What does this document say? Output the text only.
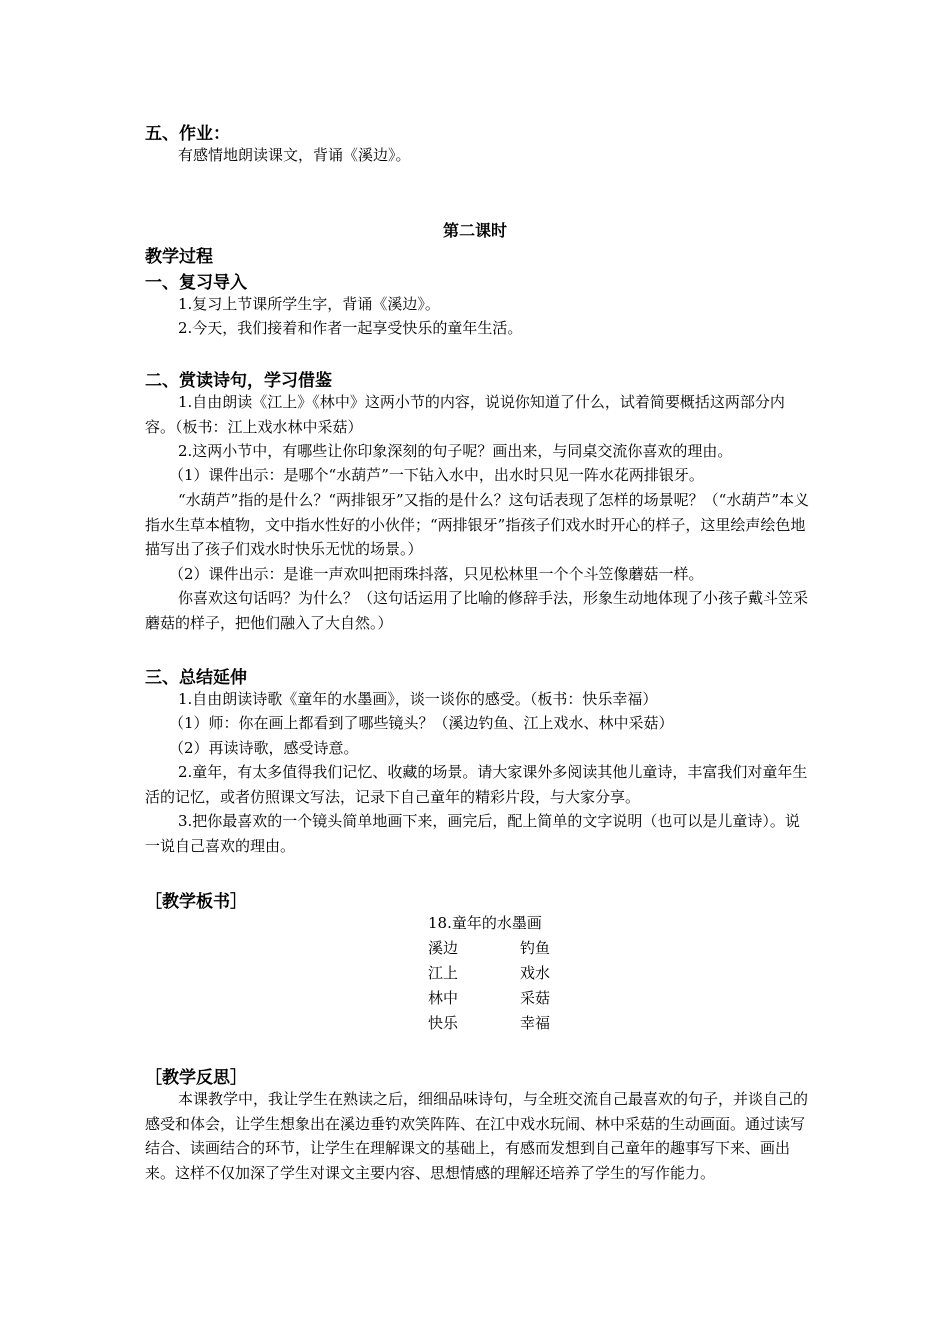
五、作业：

有感情地朗读课文，背诵《溪边》。

第二课时
教学过程
一、复习导入

1.复习上节课所学生字，背诵《溪边》。

2.今天，我们接着和作者一起享受快乐的童年生活。

二、赏读诗句，学习借鉴

1.自由朗读《江上》《林中》这两小节的内容，说说你知道了什么，试着简要概括这两部分内容。（板书：江上戏水林中采菇）

2.这两小节中，有哪些让你印象深刻的句子呢？画出来，与同桌交流你喜欢的理由。

（1）课件出示：是哪个“水葫芦”一下钻入水中，出水时只见一阵水花两排银牙。

“水葫芦”指的是什么？“两排银牙”又指的是什么？这句话表现了怎样的场景呢？（“水葫芦”本义指水生草本植物，文中指水性好的小伙伴；“两排银牙”指孩子们戏水时开心的样子，这里绘声绘色地描写出了孩子们戏水时快乐无忧的场景。）

（2）课件出示：是谁一声欢叫把雨珠抖落，只见松林里一个个斗笠像蘑菇一样。

你喜欢这句话吗？为什么？（这句话运用了比喻的修辞手法，形象生动地体现了小孩子戴斗笠采蘑菇的样子，把他们融入了大自然。）

三、总结延伸

1.自由朗读诗歌《童年的水墨画》，谈一谈你的感受。（板书：快乐幸福）

（1）师：你在画上都看到了哪些镜头？（溪边钓鱼、江上戏水、林中采菇）

（2）再读诗歌，感受诗意。

2.童年，有太多值得我们记忆、收藏的场景。请大家课外多阅读其他儿童诗，丰富我们对童年生活的记忆，或者仿照课文写法，记录下自己童年的精彩片段，与大家分享。

3.把你最喜欢的一个镜头简单地画下来，画完后，配上简单的文字说明（也可以是儿童诗）。说一说自己喜欢的理由。

［教学板书］
18.童年的水墨画
溪边	钓鱼
江上	戏水
林中	采菇
快乐	幸福
［教学反思］

本课教学中，我让学生在熟读之后，细细品味诗句，与全班交流自己最喜欢的句子，并谈自己的感受和体会，让学生想象出在溪边垂钓欢笑阵阵、在江中戏水玩闹、林中采菇的生动画面。通过读写结合、读画结合的环节，让学生在理解课文的基础上，有感而发想到自己童年的趣事写下来、画出来。这样不仅加深了学生对课文主要内容、思想情感的理解还培养了学生的写作能力。
